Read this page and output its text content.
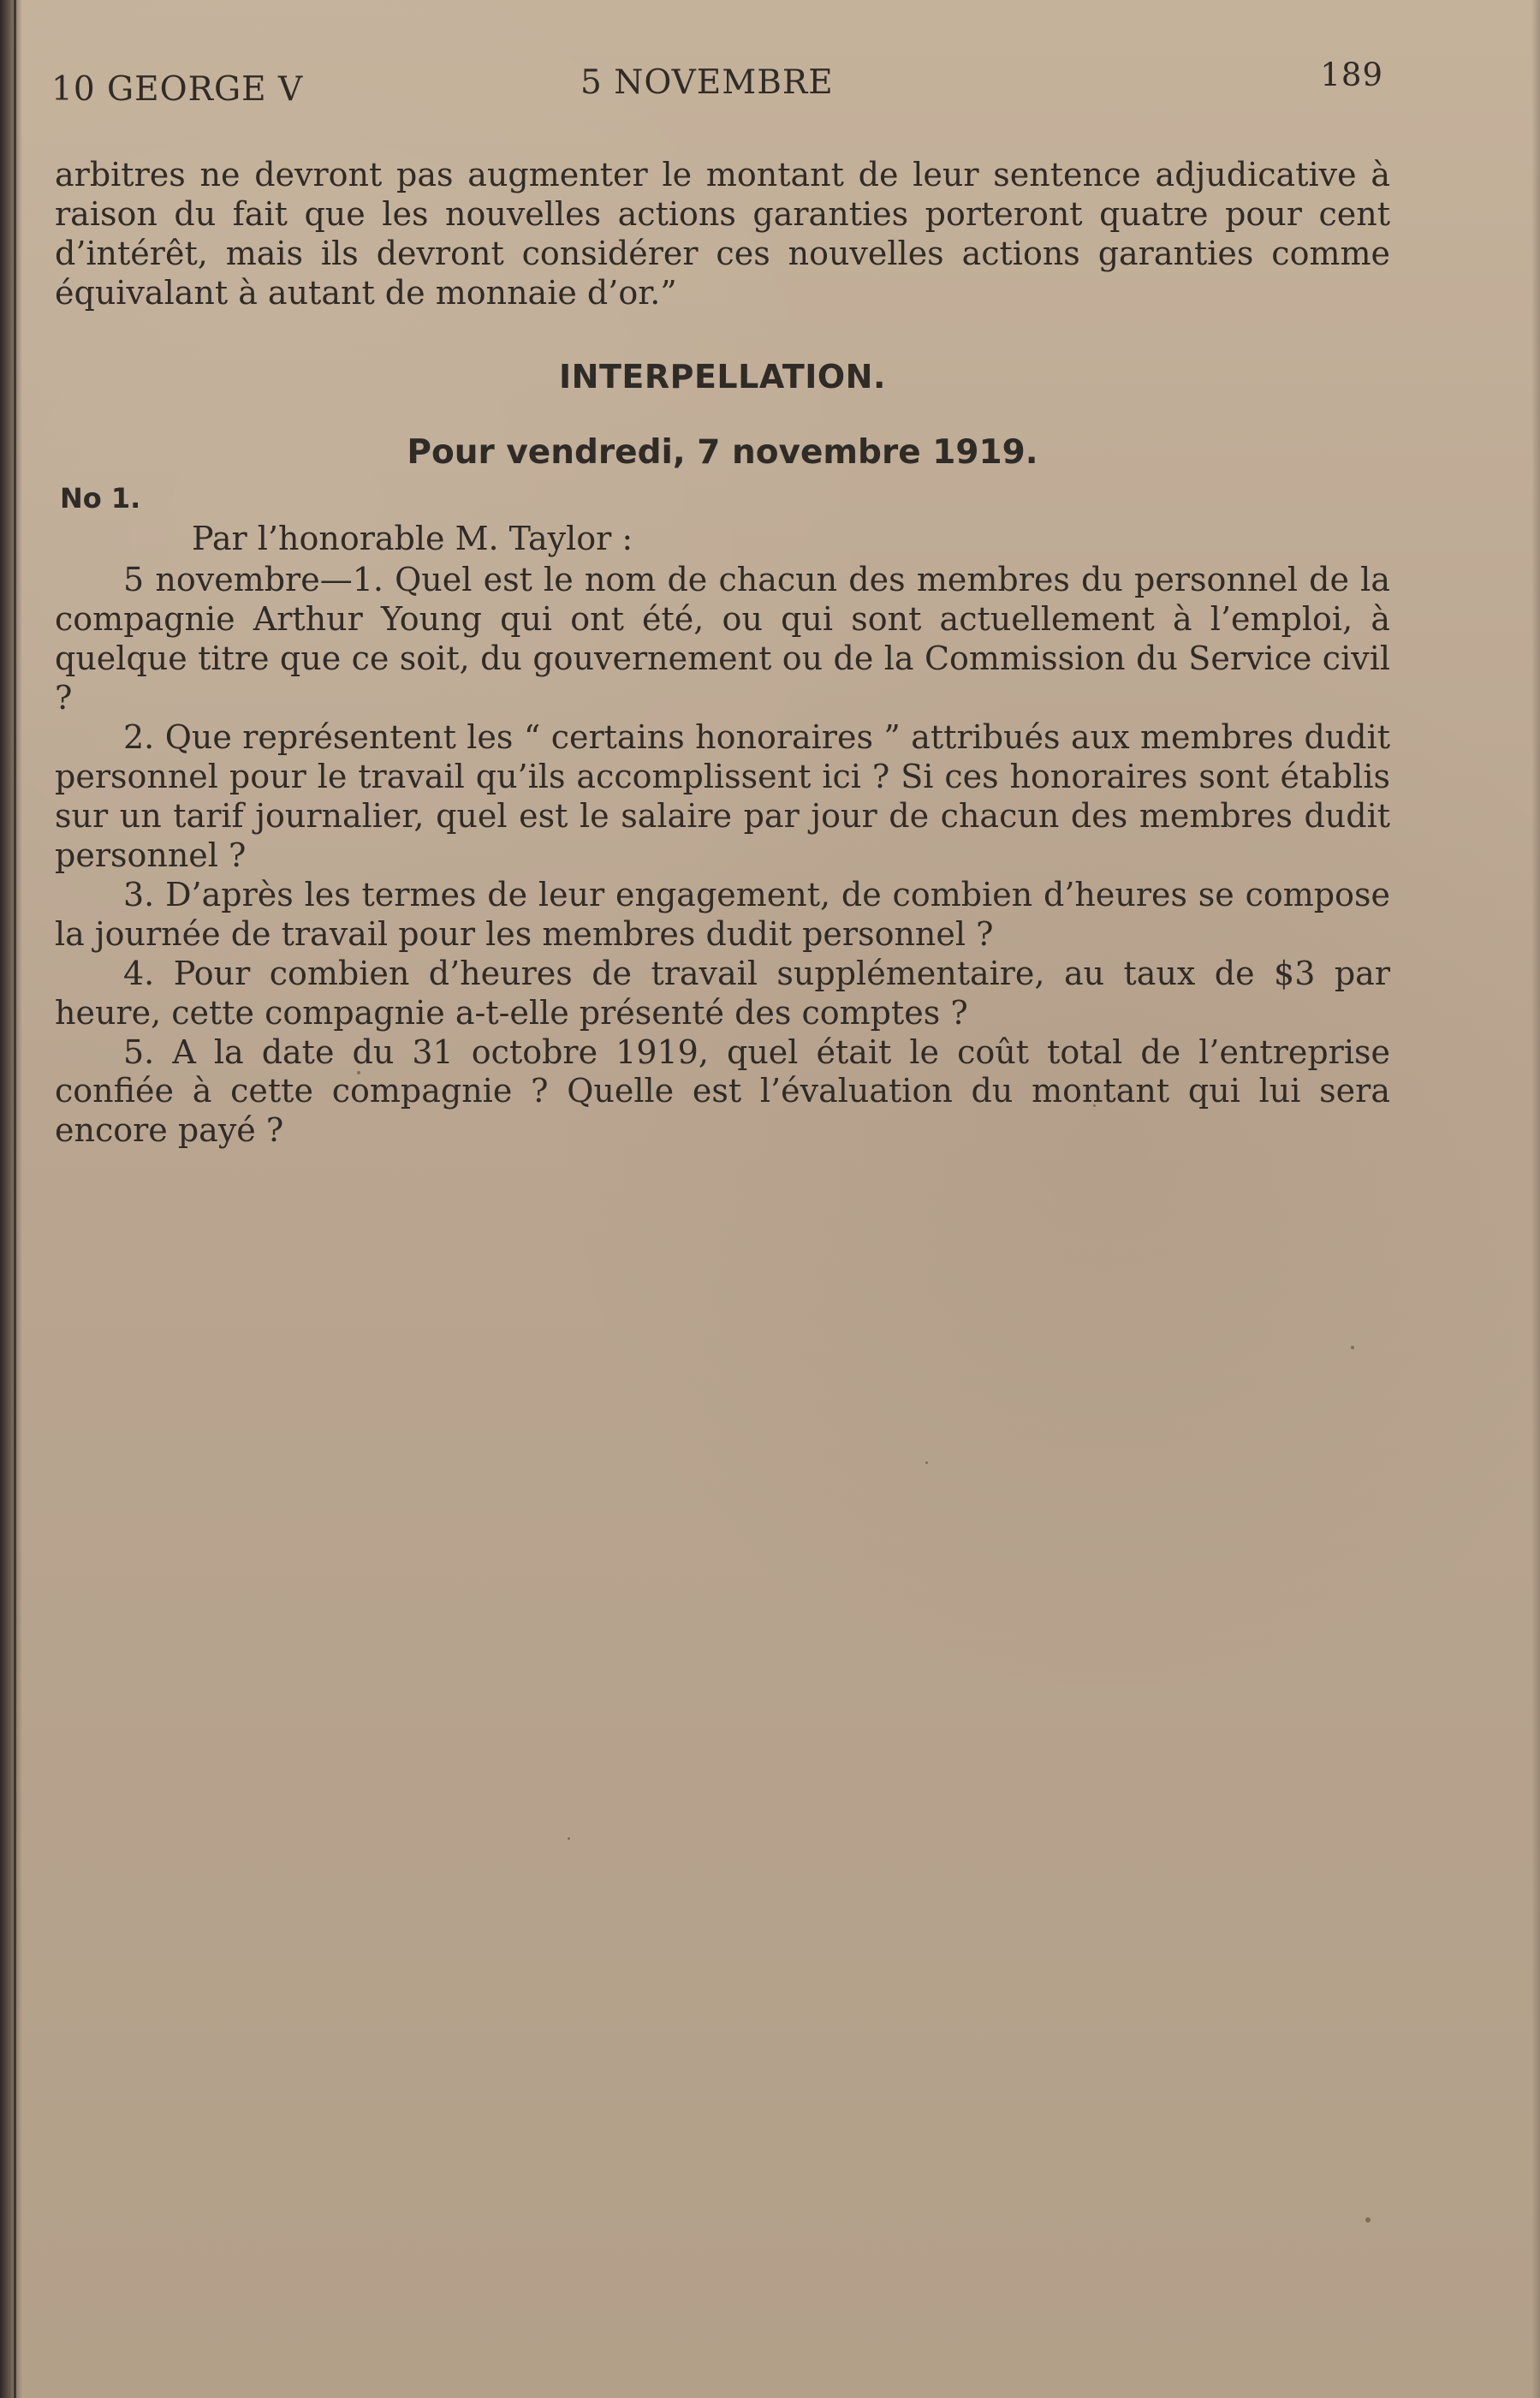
10 GEORGE V	5 NOVEMBRE	189

arbitres ne devront pas augmenter le montant de leur sentence adjudicative à raison du fait que les nouvelles actions garanties porteront quatre pour cent d’intérêt, mais ils devront considérer ces nouvelles actions garanties comme équivalant à autant de monnaie d’or.”

INTERPELLATION.
Pour vendredi, 7 novembre 1919.
No 1.
Par l’honorable M. Taylor :

5 novembre—1. Quel est le nom de chacun des membres du personnel de la compagnie Arthur Young qui ont été, ou qui sont actuellement à l’emploi, à quelque titre que ce soit, du gouvernement ou de la Commission du Service civil ?

2. Que représentent les “ certains honoraires ” attribués aux membres dudit personnel pour le travail qu’ils accomplissent ici ? Si ces honoraires sont établis sur un tarif journalier, quel est le salaire par jour de chacun des membres dudit personnel ?

3. D’après les termes de leur engagement, de combien d’heures se compose la journée de travail pour les membres dudit personnel ?

4. Pour combien d’heures de travail supplémentaire, au taux de $3 par heure, cette compagnie a-t-elle présenté des comptes ?

5. A la date du 31 octobre 1919, quel était le coût total de l’entreprise confiée à cette compagnie ? Quelle est l’évaluation du montant qui lui sera encore payé ?
